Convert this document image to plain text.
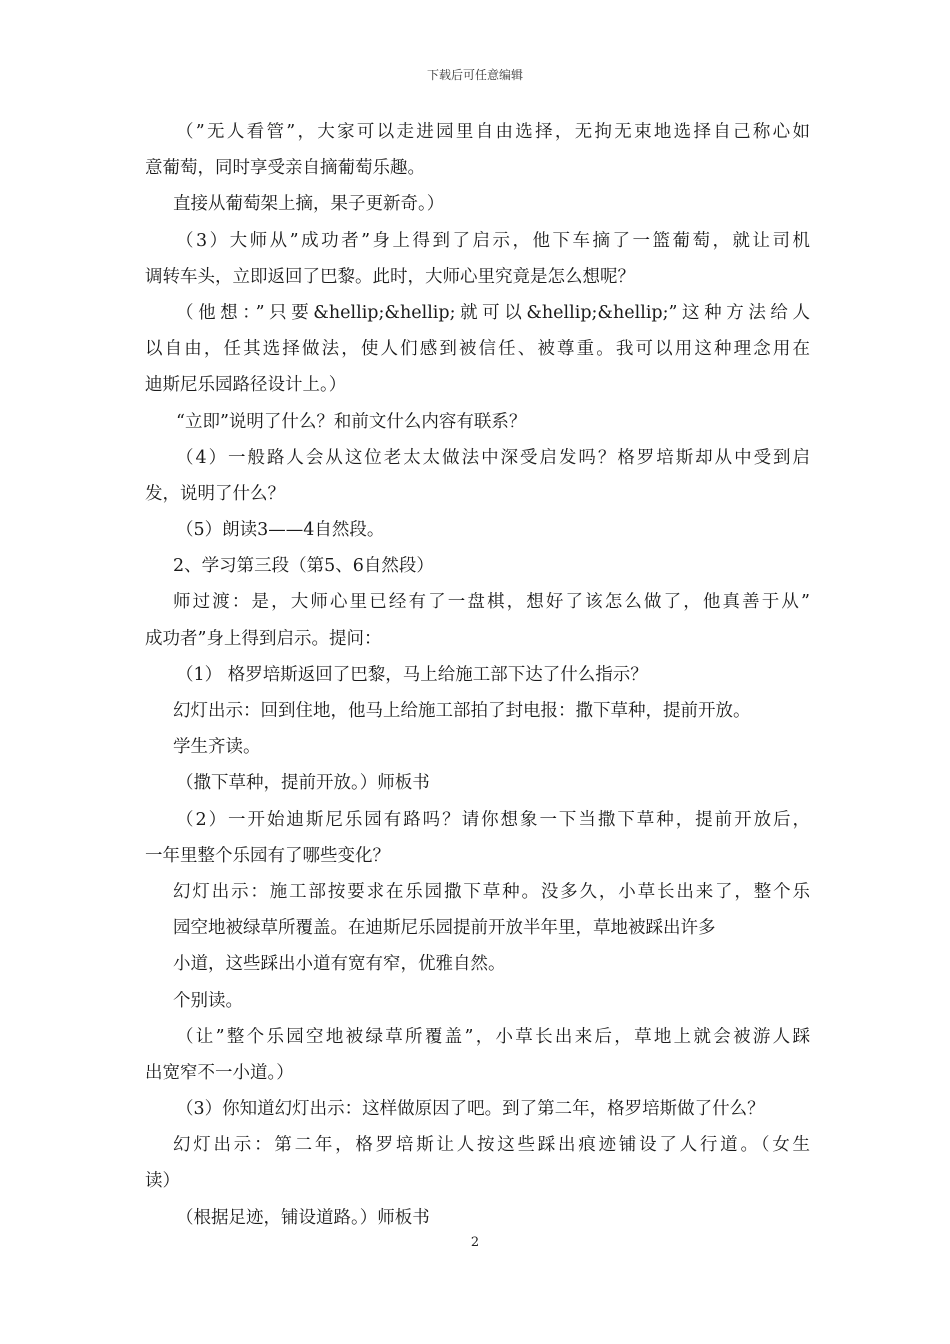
下载后可任意编辑
（”无人看管”，大家可以走进园里自由选择，无拘无束地选择自己称心如
意葡萄，同时享受亲自摘葡萄乐趣。
直接从葡萄架上摘，果子更新奇。）
（3）大师从”成功者”身上得到了启示，他下车摘了一篮葡萄，就让司机
调转车头，立即返回了巴黎。此时，大师心里究竟是怎么想呢？
（他想：”只要&hellip;&hellip;就可以&hellip;&hellip;”这种方法给人
以自由，任其选择做法，使人们感到被信任、被尊重。我可以用这种理念用在
迪斯尼乐园路径设计上。）
“立即”说明了什么？和前文什么内容有联系？
（4）一般路人会从这位老太太做法中深受启发吗？格罗培斯却从中受到启
发，说明了什么？
（5）朗读3——4自然段。
2、学习第三段（第5、6自然段）
师过渡：是，大师心里已经有了一盘棋，想好了该怎么做了，他真善于从”
成功者”身上得到启示。提问：
（1） 格罗培斯返回了巴黎，马上给施工部下达了什么指示？
幻灯出示：回到住地，他马上给施工部拍了封电报：撒下草种，提前开放。
学生齐读。
（撒下草种，提前开放。）师板书
（2）一开始迪斯尼乐园有路吗？请你想象一下当撒下草种，提前开放后，
一年里整个乐园有了哪些变化？
幻灯出示：施工部按要求在乐园撒下草种。没多久，小草长出来了，整个乐
园空地被绿草所覆盖。在迪斯尼乐园提前开放半年里，草地被踩出许多
小道，这些踩出小道有宽有窄，优雅自然。
个别读。
（让”整个乐园空地被绿草所覆盖”，小草长出来后，草地上就会被游人踩
出宽窄不一小道。）
（3）你知道幻灯出示：这样做原因了吧。到了第二年，格罗培斯做了什么？
幻灯出示：第二年，格罗培斯让人按这些踩出痕迹铺设了人行道。（女生
读）
（根据足迹，铺设道路。）师板书
2
